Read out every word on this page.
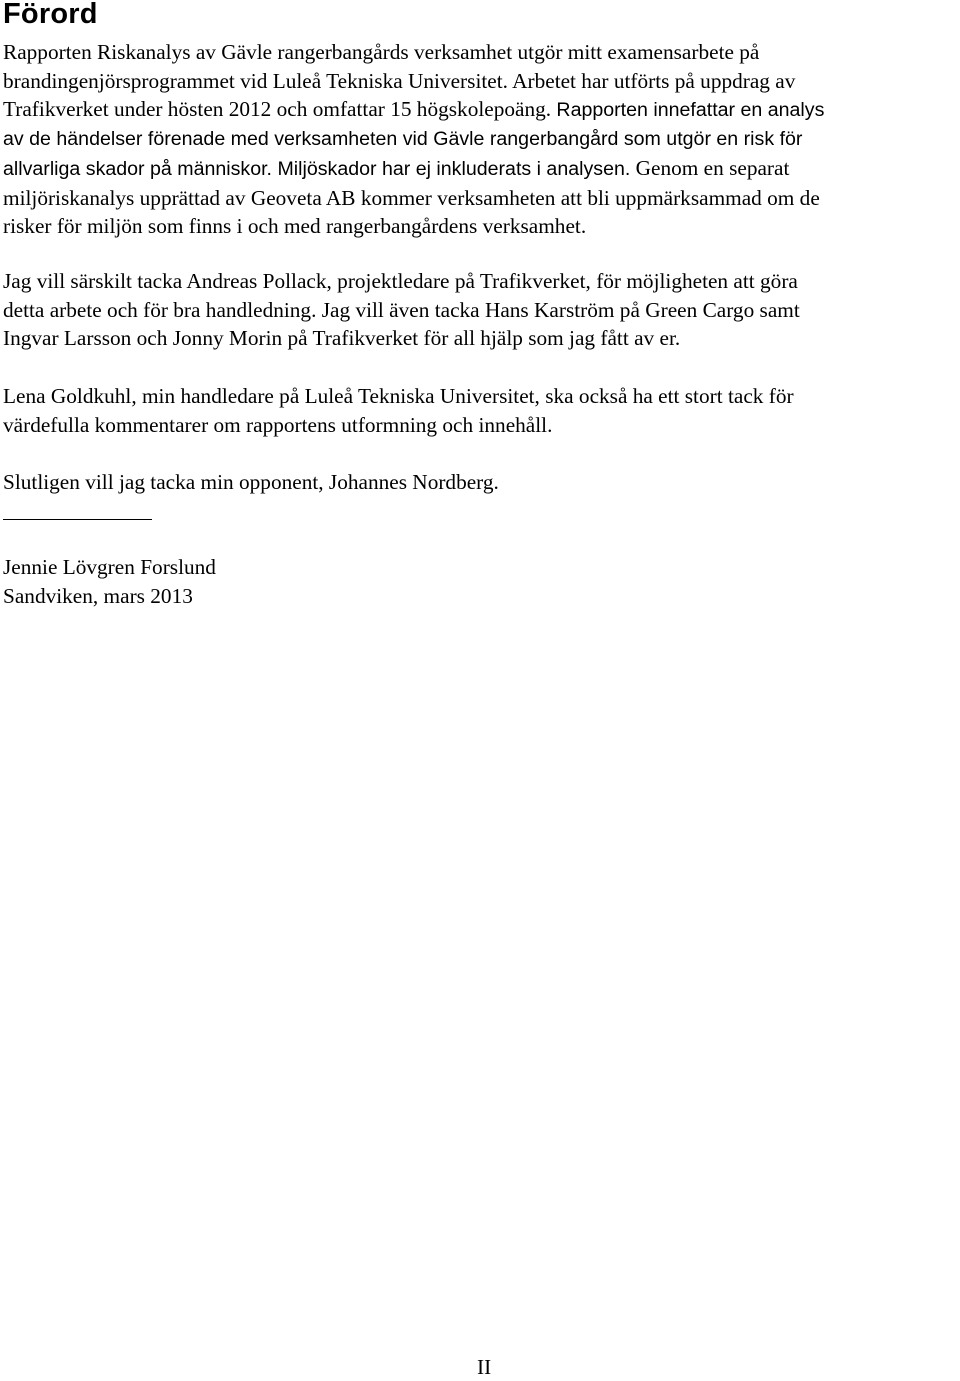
Förord
Rapporten Riskanalys av Gävle rangerbangårds verksamhet utgör mitt examensarbete på
brandingenjörsprogrammet vid Luleå Tekniska Universitet. Arbetet har utförts på uppdrag av
Trafikverket under hösten 2012 och omfattar 15 högskolepoäng. Rapporten innefattar en analys
av de händelser förenade med verksamheten vid Gävle rangerbangård som utgör en risk för
allvarliga skador på människor. Miljöskador har ej inkluderats i analysen. Genom en separat
miljöriskanalys upprättad av Geoveta AB kommer verksamheten att bli uppmärksammad om de
risker för miljön som finns i och med rangerbangårdens verksamhet.
Jag vill särskilt tacka Andreas Pollack, projektledare på Trafikverket, för möjligheten att göra
detta arbete och för bra handledning. Jag vill även tacka Hans Karström på Green Cargo samt
Ingvar Larsson och Jonny Morin på Trafikverket för all hjälp som jag fått av er.
Lena Goldkuhl, min handledare på Luleå Tekniska Universitet, ska också ha ett stort tack för
värdefulla kommentarer om rapportens utformning och innehåll.
Slutligen vill jag tacka min opponent, Johannes Nordberg.
Jennie Lövgren Forslund
Sandviken, mars 2013
II
